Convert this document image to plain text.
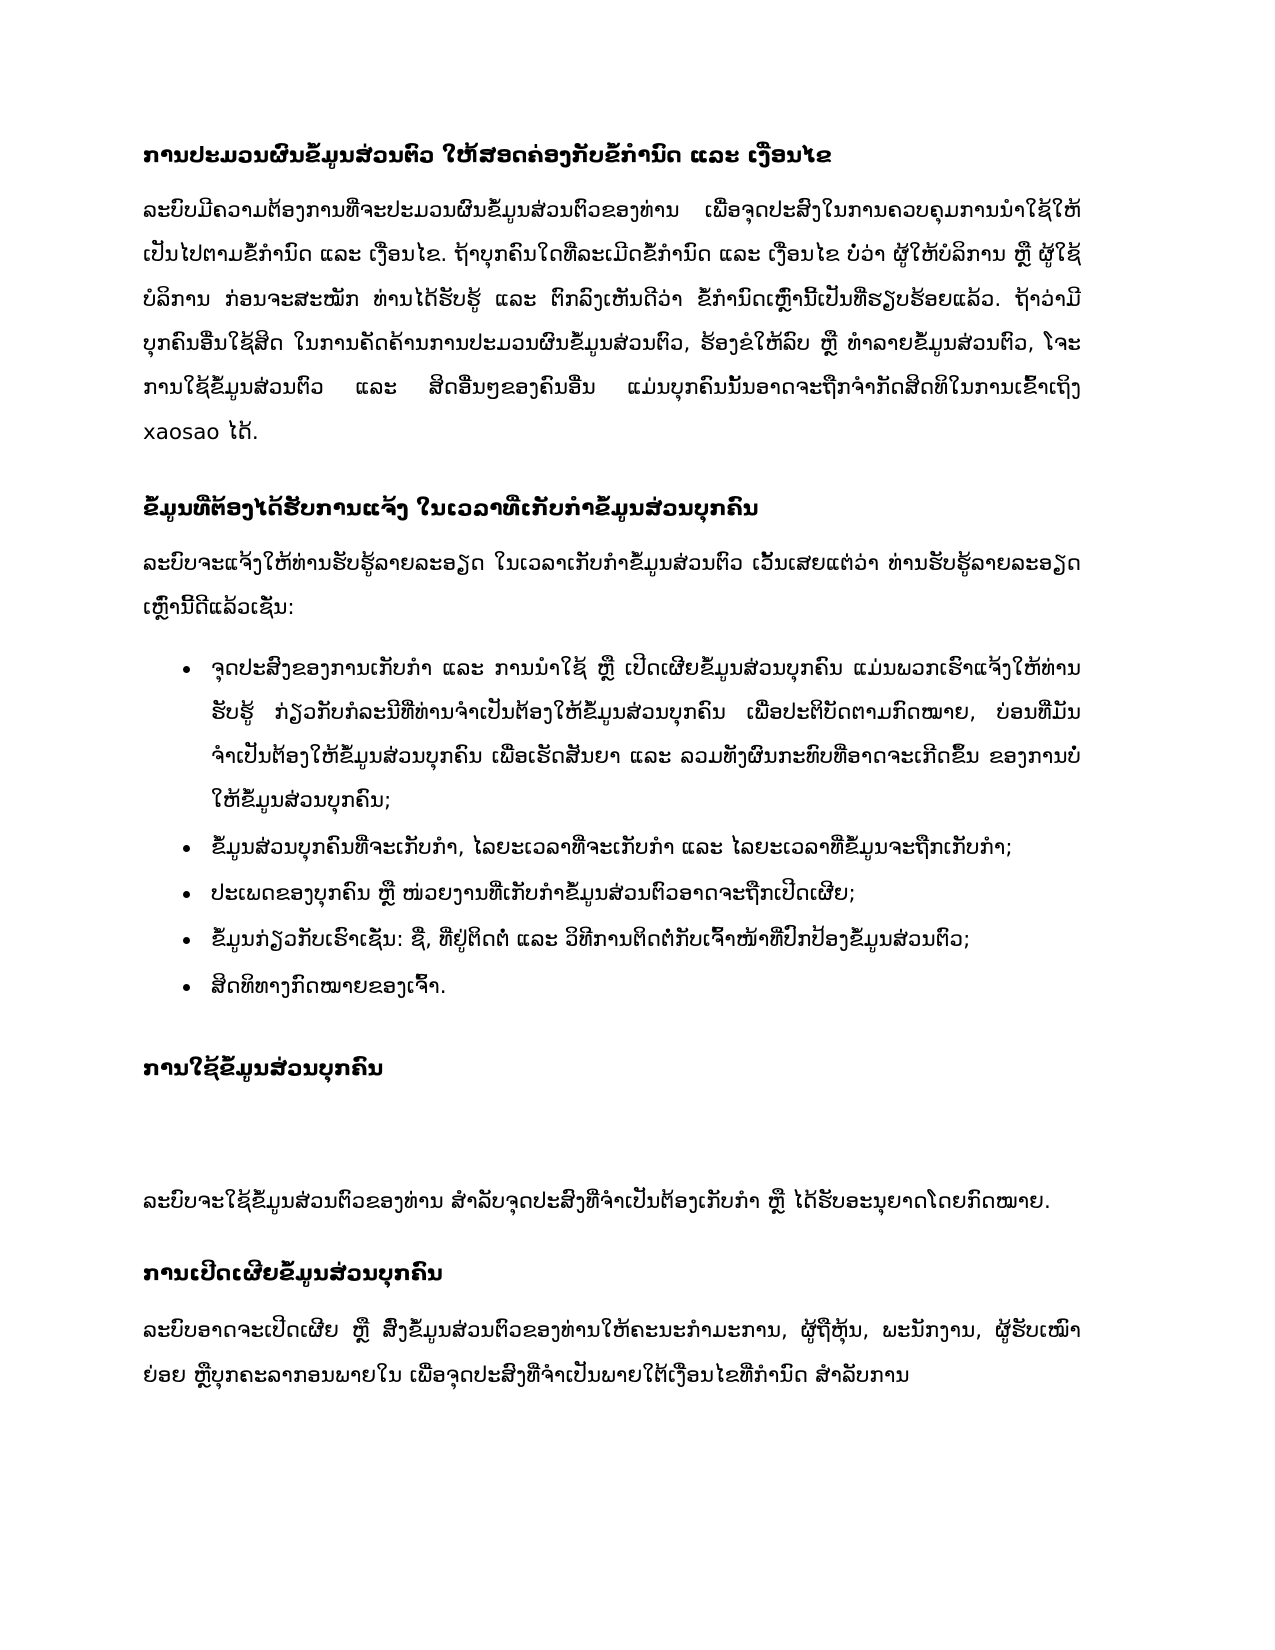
ການປະມວນຜົນຂໍ້ມູນສ່ວນຕົວ ໃຫ້ສອດຄ່ອງກັບຂໍ້ກຳນົດ ແລະ ເງື່ອນໄຂ

ລະບົບມີຄວາມຕ້ອງການທີ່ຈະປະມວນຜົນຂໍ້ມູນສ່ວນຕົວຂອງທ່ານ ເພື່ອຈຸດປະສົງໃນການຄວບຄຸມການນຳໃຊ້ໃຫ້ເປັນໄປຕາມຂໍ້ກຳນົດ ແລະ ເງື່ອນໄຂ. ຖ້າບຸກຄົນໃດທີ່ລະເມີດຂໍ້ກຳນົດ ແລະ ເງື່ອນໄຂ ບໍ່ວ່າ ຜູ້ໃຫ້ບໍລິການ ຫຼື ຜູ້ໃຊ້ບໍລິການ ກ່ອນຈະສະໝັກ ທ່ານໄດ້ຮັບຮູ້ ແລະ ຕົກລົງເຫັນດີວ່າ ຂໍ້ກຳນົດເຫຼົ່ານີ້ເປັນທີ່ຮຽບຮ້ອຍແລ້ວ. ຖ້າວ່າມີບຸກຄົນອື່ນໃຊ້ສິດ ໃນການຄັດຄ້ານການປະມວນຜົນຂໍ້ມູນສ່ວນຕົວ, ຮ້ອງຂໍໃຫ້ລົບ ຫຼື ທຳລາຍຂໍ້ມູນສ່ວນຕົວ, ໂຈະການໃຊ້ຂໍ້ມູນສ່ວນຕົວ ແລະ ສິດອື່ນໆຂອງຄົນອື່ນ ແມ່ນບຸກຄົນນັ້ນອາດຈະຖືກຈຳກັດສິດທິໃນການເຂົ້າເຖິງ xaosao ໄດ້.

ຂໍ້ມູນທີ່ຕ້ອງໄດ້ຮັບການແຈ້ງ ໃນເວລາທີ່ເກັບກຳຂໍ້ມູນສ່ວນບຸກຄົນ

ລະບົບຈະແຈ້ງໃຫ້ທ່ານຮັບຮູ້ລາຍລະອຽດ ໃນເວລາເກັບກຳຂໍ້ມູນສ່ວນຕົວ ເວັ້ນເສຍແຕ່ວ່າ ທ່ານຮັບຮູ້ລາຍລະອຽດເຫຼົ່ານີ້ດີແລ້ວເຊັ່ນ:

ຈຸດປະສົງຂອງການເກັບກຳ ແລະ ການນຳໃຊ້ ຫຼື ເປີດເຜີຍຂໍ້ມູນສ່ວນບຸກຄົນ ແມ່ນພວກເຮົາແຈ້ງໃຫ້ທ່ານຮັບຮູ້ ກ່ຽວກັບກໍລະນີທີ່ທ່ານຈຳເປັນຕ້ອງໃຫ້ຂໍ້ມູນສ່ວນບຸກຄົນ ເພື່ອປະຕິບັດຕາມກົດໝາຍ, ບ່ອນທີ່ມັນຈຳເປັນຕ້ອງໃຫ້ຂໍ້ມູນສ່ວນບຸກຄົນ ເພື່ອເຮັດສັນຍາ ແລະ ລວມທັງຜົນກະທົບທີ່ອາດຈະເກີດຂຶ້ນ ຂອງການບໍ່ໃຫ້ຂໍ້ມູນສ່ວນບຸກຄົນ;
ຂໍ້ມູນສ່ວນບຸກຄົນທີ່ຈະເກັບກຳ, ໄລຍະເວລາທີ່ຈະເກັບກຳ ແລະ ໄລຍະເວລາທີ່ຂໍ້ມູນຈະຖືກເກັບກຳ;
ປະເພດຂອງບຸກຄົນ ຫຼື ໜ່ວຍງານທີ່ເກັບກຳຂໍ້ມູນສ່ວນຕົວອາດຈະຖືກເປີດເຜີຍ;
ຂໍ້ມູນກ່ຽວກັບເຮົາເຊັ່ນ: ຊື່, ທີ່ຢູ່ຕິດຕໍ່ ແລະ ວິທີການຕິດຕໍ່ກັບເຈົ້າໜ້າທີ່ປົກປ້ອງຂໍ້ມູນສ່ວນຕົວ;
ສິດທິທາງກົດໝາຍຂອງເຈົ້າ.
ການໃຊ້ຂໍ້ມູນສ່ວນບຸກຄົນ

ລະບົບຈະໃຊ້ຂໍ້ມູນສ່ວນຕົວຂອງທ່ານ ສຳລັບຈຸດປະສົງທີ່ຈຳເປັນຕ້ອງເກັບກຳ ຫຼື ໄດ້ຮັບອະນຸຍາດໂດຍກົດໝາຍ.

ການເປີດເຜີຍຂໍ້ມູນສ່ວນບຸກຄົນ

ລະບົບອາດຈະເປີດເຜີຍ ຫຼື ສົ່ງຂໍ້ມູນສ່ວນຕົວຂອງທ່ານໃຫ້ຄະນະກຳມະການ, ຜູ້ຖືຫຸ້ນ, ພະນັກງານ, ຜູ້ຮັບເໝົາຍ່ອຍ ຫຼືບຸກຄະລາກອນພາຍໃນ ເພື່ອຈຸດປະສົງທີ່ຈຳເປັນພາຍໃຕ້ເງື່ອນໄຂທີ່ກຳນົດ ສຳລັບການ
